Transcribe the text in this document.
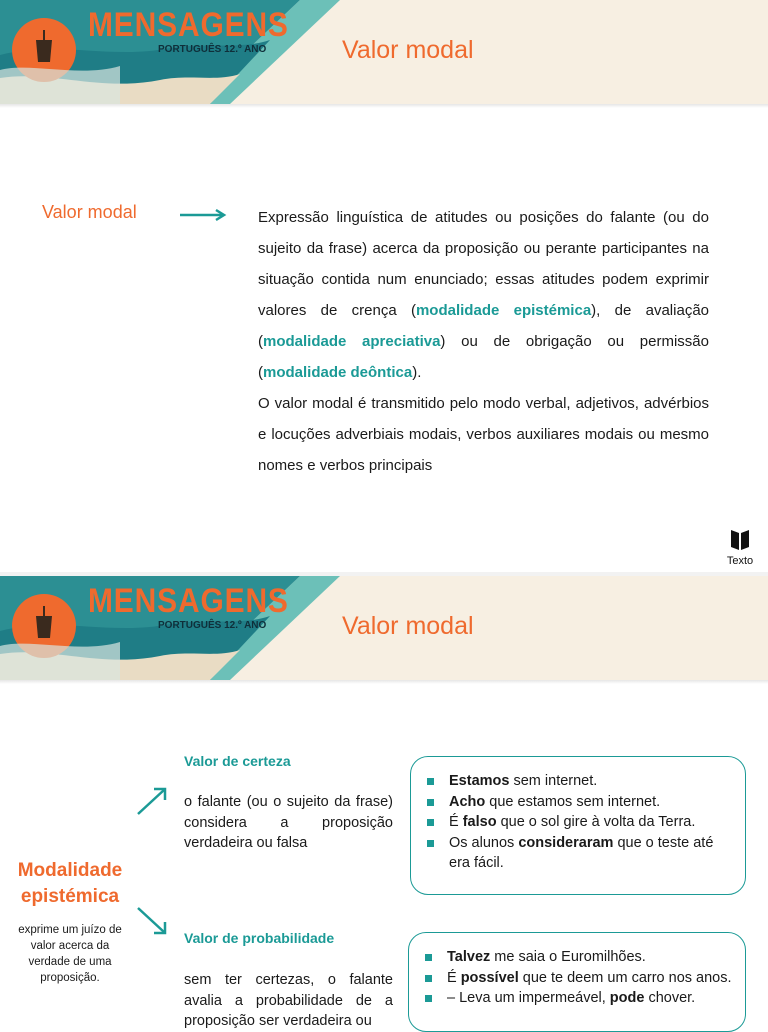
MENSAGENS
PORTUGUÊS 12.º ANO	Valor modal
Valor modal	Expressão linguística de atitudes ou posições do falante (ou do sujeito da frase) acerca da proposição ou perante participantes na situação contida num enunciado; essas atitudes podem exprimir valores de crença (modalidade epistémica), de avaliação (modalidade apreciativa) ou de obrigação ou permissão (modalidade deôntica).

O valor modal é transmitido pelo modo verbal, adjetivos, advérbios e locuções adverbiais modais, verbos auxiliares modais ou mesmo nomes e verbos principais

Texto
MENSAGENS
PORTUGUÊS 12.º ANO	Valor modal
Modalidade epistémica
exprime um juízo de valor acerca da verdade de uma proposição.
Valor de certeza
o falante (ou o sujeito da frase) considera a proposição verdadeira ou falsa
Estamos sem internet.
Acho que estamos sem internet.
É falso que o sol gire à volta da Terra.
Os alunos consideraram que o teste até era fácil.
Valor de probabilidade
sem ter certezas, o falante avalia a probabilidade de a proposição ser verdadeira ou
Talvez me saia o Euromilhões.
É possível que te deem um carro nos anos.
– Leva um impermeável, pode chover.
